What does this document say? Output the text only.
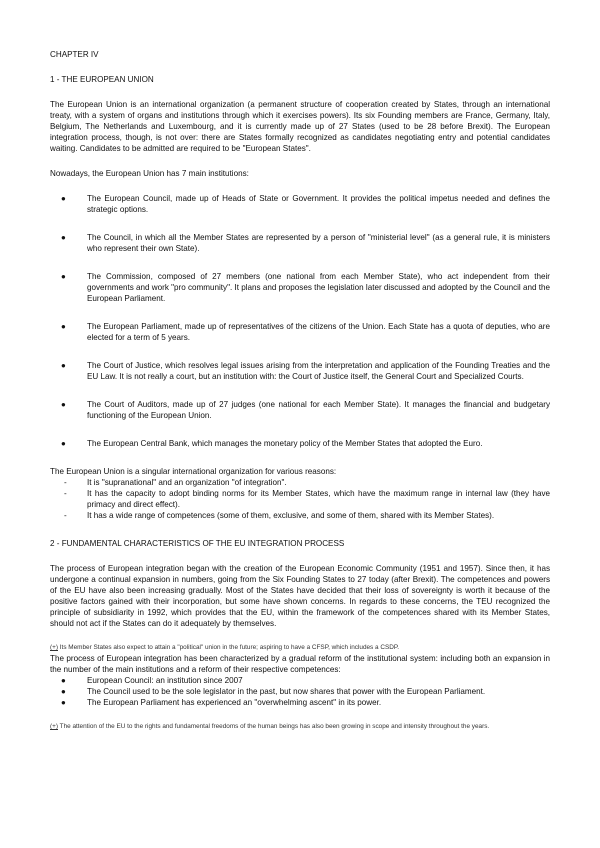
CHAPTER IV

1 - THE EUROPEAN UNION

The European Union is an international organization (a permanent structure of cooperation created by States, through an international treaty, with a system of organs and institutions through which it exercises powers). Its six Founding members are France, Germany, Italy, Belgium, The Netherlands and Luxembourg, and it is currently made up of 27 States (used to be 28 before Brexit). The European integration process, though, is not over: there are States formally recognized as candidates negotiating entry and potential candidates waiting. Candidates to be admitted are required to be "European States".

Nowadays, the European Union has 7 main institutions:

●	The European Council, made up of Heads of State or Government. It provides the political impetus needed and defines the strategic options.
●	The Council, in which all the Member States are represented by a person of "ministerial level" (as a general rule, it is ministers who represent their own State).
●	The Commission, composed of 27 members (one national from each Member State), who act independent from their governments and work "pro community". It plans and proposes the legislation later discussed and adopted by the Council and the European Parliament.
●	The European Parliament, made up of representatives of the citizens of the Union. Each State has a quota of deputies, who are elected for a term of 5 years.
●	The Court of Justice, which resolves legal issues arising from the interpretation and application of the Founding Treaties and the EU Law. It is not really a court, but an institution with: the Court of Justice itself, the General Court and Specialized Courts.
●	The Court of Auditors, made up of 27 judges (one national for each Member State). It manages the financial and budgetary functioning of the European Union.
●	The European Central Bank, which manages the monetary policy of the Member States that adopted the Euro.

The European Union is a singular international organization for various reasons:

-	It is "supranational" and an organization "of integration".
-	It has the capacity to adopt binding norms for its Member States, which have the maximum range in internal law (they have primacy and direct effect).
-	It has a wide range of competences (some of them, exclusive, and some of them, shared with its Member States).

2 - FUNDAMENTAL CHARACTERISTICS OF THE EU INTEGRATION PROCESS

The process of European integration began with the creation of the European Economic Community (1951 and 1957). Since then, it has undergone a continual expansion in numbers, going from the Six Founding States to 27 today (after Brexit). The competences and powers of the EU have also been increasing gradually. Most of the States have decided that their loss of sovereignty is worth it because of the positive factors gained with their incorporation, but some have shown concerns. In regards to these concerns, the TEU recognized the principle of subsidiarity in 1992, which provides that the EU, within the framework of the competences shared with its Member States, should not act if the States can do it adequately by themselves.

(+) Its Member States also expect to attain a "political" union in the future; aspiring to have a CFSP, which includes a CSDP.

The process of European integration has been characterized by a gradual reform of the institutional system: including both an expansion in the number of the main institutions and a reform of their respective competences:

●	European Council: an institution since 2007
●	The Council used to be the sole legislator in the past, but now shares that power with the European Parliament.
●	The European Parliament has experienced an "overwhelming ascent" in its power.

(+) The attention of the EU to the rights and fundamental freedoms of the human beings has also been growing in scope and intensity throughout the years.
